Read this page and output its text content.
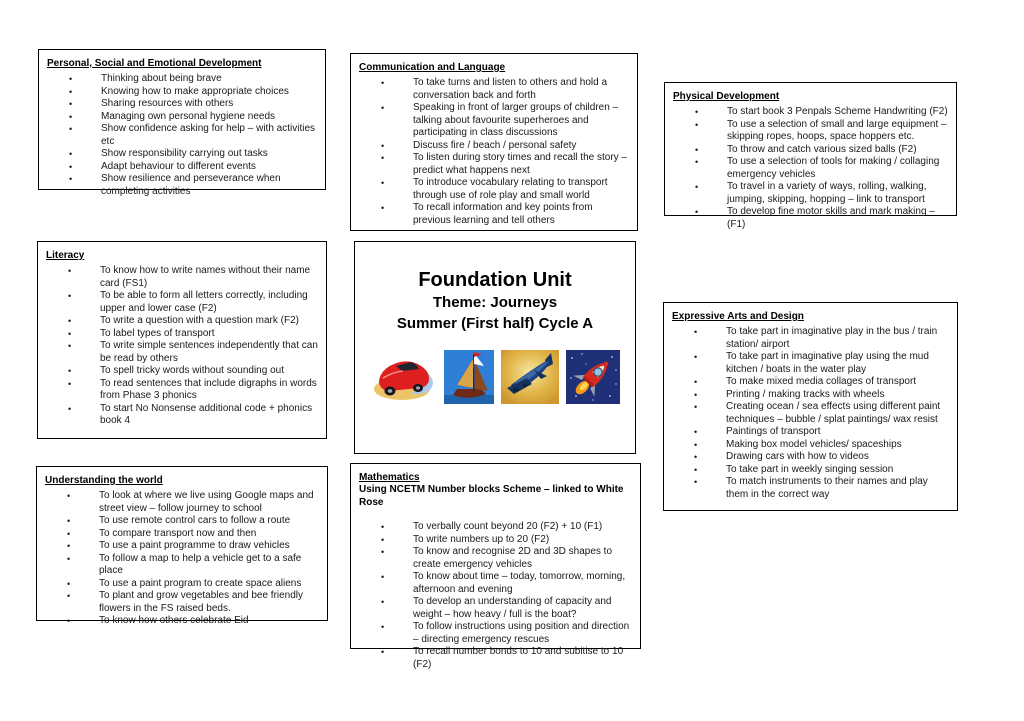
Personal, Social and Emotional Development
•	Thinking about being brave
•	Knowing how to make appropriate choices
•	Sharing resources with others
•	Managing own personal hygiene needs
•	Show confidence asking for help – with activities etc
•	Show responsibility carrying out tasks
•	Adapt behaviour to different events
•	Show resilience and perseverance when completing activities
Communication and Language
•	To take turns and listen to others and hold a conversation back and forth
•	Speaking in front of larger groups of children – talking about favourite superheroes and participating in class discussions
•	Discuss fire / beach / personal safety
•	To listen during story times and recall the story – predict what happens next
•	To introduce vocabulary relating to transport through use of role play and small world
•	To recall information and key points from previous learning and tell others
Physical Development
•	To start book 3 Penpals Scheme Handwriting (F2)
•	To use a selection of small and large equipment – skipping ropes, hoops, space hoppers etc.
•	To throw and catch various sized balls (F2)
•	To use a selection of tools for making / collaging emergency vehicles
•	To travel in a variety of ways, rolling, walking, jumping, skipping, hopping – link to transport
•	To develop fine motor skills and mark making – (F1)
Literacy
•	To know how to write names without their name card (FS1)
•	To be able to form all letters correctly, including upper and lower case (F2)
•	To write a question with a question mark (F2)
•	To label types of transport
•	To write simple sentences independently that can be read by others
•	To spell tricky words without sounding out
•	To read sentences that include digraphs in words from Phase 3 phonics
•	To start No Nonsense additional code + phonics book 4
Foundation Unit
Theme: Journeys
Summer (First half) Cycle A	Expressive Arts and Design
•	To take part in imaginative play in the bus / train station/ airport
•	To take part in imaginative play using the mud kitchen / boats in the water play
•	To make mixed media collages of transport
•	Printing / making tracks with wheels
•	Creating ocean / sea effects using different paint techniques – bubble / splat paintings/ wax resist
•	Paintings of transport
•	Making box model vehicles/ spaceships
•	Drawing cars with how to videos
•	To take part in weekly singing session
•	To match instruments to their names and play them in the correct way
Understanding the world
•	To look at where we live using Google maps and street view – follow journey to school
•	To use remote control cars to follow a route
•	To compare transport now and then
•	To use a paint programme to draw vehicles
•	To follow a map to help a vehicle get to a safe place
•	To use a paint program to create space aliens
•	To plant and grow vegetables and bee friendly flowers in the FS raised beds.
•	To know how others celebrate Eid
Mathematics

Using NCETM Number blocks Scheme – linked to White Rose

•	To verbally count beyond 20 (F2) + 10 (F1)
•	To write numbers up to 20 (F2)
•	To know and recognise 2D and 3D shapes to create emergency vehicles
•	To know about time – today, tomorrow, morning, afternoon and evening
•	To develop an understanding of capacity and weight – how heavy / full is the boat?
•	To follow instructions using position and direction – directing emergency rescues
•	To recall number bonds to 10 and subitise to 10 (F2)
